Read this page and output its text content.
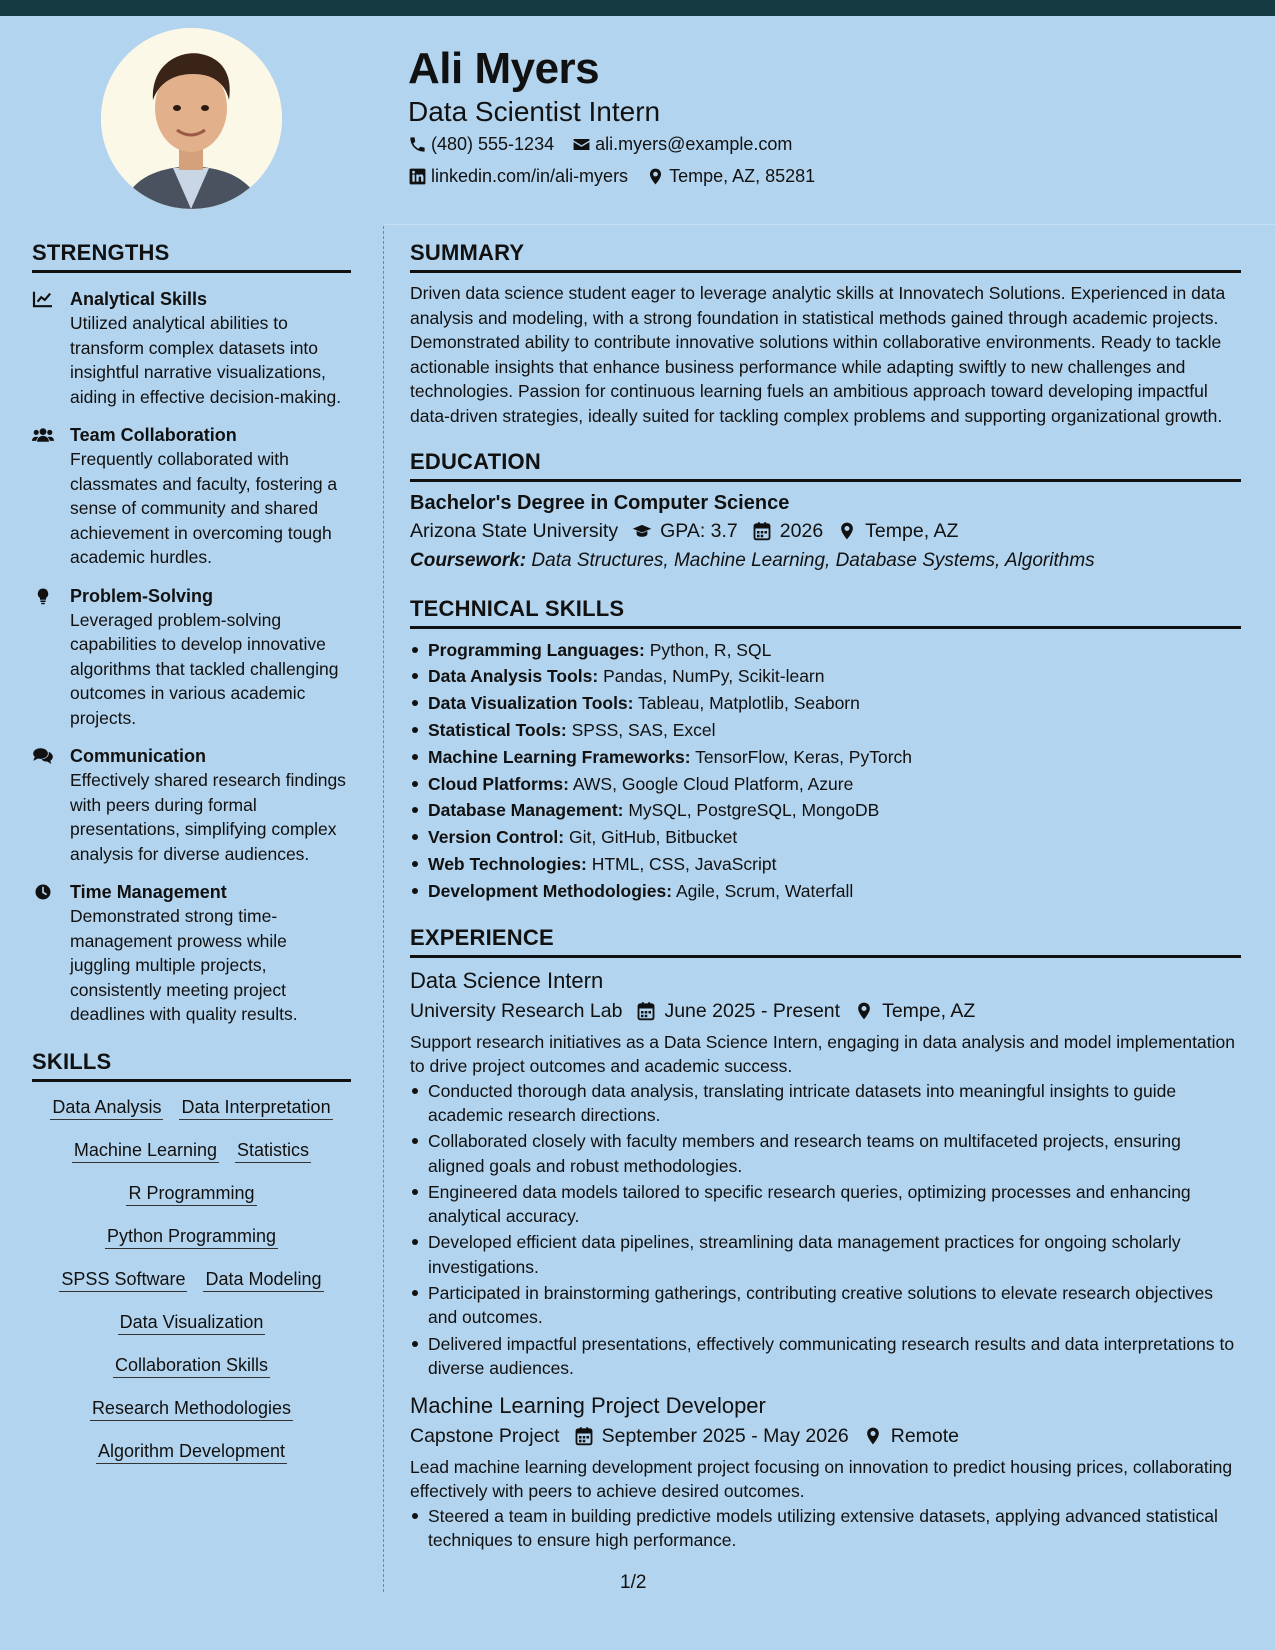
Ali Myers
Data Scientist Intern
(480) 555-1234 ali.myers@example.com
linkedin.com/in/ali-myers Tempe, AZ, 85281
STRENGTHS
Analytical Skills
Utilized analytical abilities to transform complex datasets into insightful narrative visualizations, aiding in effective decision-making.
Team Collaboration
Frequently collaborated with classmates and faculty, fostering a sense of community and shared achievement in overcoming tough academic hurdles.
Problem-Solving
Leveraged problem-solving capabilities to develop innovative algorithms that tackled challenging outcomes in various academic projects.
Communication
Effectively shared research findings with peers during formal presentations, simplifying complex analysis for diverse audiences.
Time Management
Demonstrated strong time-management prowess while juggling multiple projects, consistently meeting project deadlines with quality results.
SKILLS
Data Analysis Data Interpretation
Machine Learning Statistics
R Programming
Python Programming
SPSS Software Data Modeling
Data Visualization
Collaboration Skills
Research Methodologies
Algorithm Development
SUMMARY
Driven data science student eager to leverage analytic skills at Innovatech Solutions. Experienced in data analysis and modeling, with a strong foundation in statistical methods gained through academic projects. Demonstrated ability to contribute innovative solutions within collaborative environments. Ready to tackle actionable insights that enhance business performance while adapting swiftly to new challenges and technologies. Passion for continuous learning fuels an ambitious approach toward developing impactful data-driven strategies, ideally suited for tackling complex problems and supporting organizational growth.
EDUCATION
Bachelor's Degree in Computer Science
Arizona State University GPA: 3.7 2026 Tempe, AZ
Coursework: Data Structures, Machine Learning, Database Systems, Algorithms
TECHNICAL SKILLS
Programming Languages: Python, R, SQL
Data Analysis Tools: Pandas, NumPy, Scikit-learn
Data Visualization Tools: Tableau, Matplotlib, Seaborn
Statistical Tools: SPSS, SAS, Excel
Machine Learning Frameworks: TensorFlow, Keras, PyTorch
Cloud Platforms: AWS, Google Cloud Platform, Azure
Database Management: MySQL, PostgreSQL, MongoDB
Version Control: Git, GitHub, Bitbucket
Web Technologies: HTML, CSS, JavaScript
Development Methodologies: Agile, Scrum, Waterfall
EXPERIENCE
Data Science Intern
University Research Lab June 2025 - Present Tempe, AZ
Support research initiatives as a Data Science Intern, engaging in data analysis and model implementation to drive project outcomes and academic success.
Conducted thorough data analysis, translating intricate datasets into meaningful insights to guide academic research directions.
Collaborated closely with faculty members and research teams on multifaceted projects, ensuring aligned goals and robust methodologies.
Engineered data models tailored to specific research queries, optimizing processes and enhancing analytical accuracy.
Developed efficient data pipelines, streamlining data management practices for ongoing scholarly investigations.
Participated in brainstorming gatherings, contributing creative solutions to elevate research objectives and outcomes.
Delivered impactful presentations, effectively communicating research results and data interpretations to diverse audiences.
Machine Learning Project Developer
Capstone Project September 2025 - May 2026 Remote
Lead machine learning development project focusing on innovation to predict housing prices, collaborating effectively with peers to achieve desired outcomes.
Steered a team in building predictive models utilizing extensive datasets, applying advanced statistical techniques to ensure high performance.
1/2
